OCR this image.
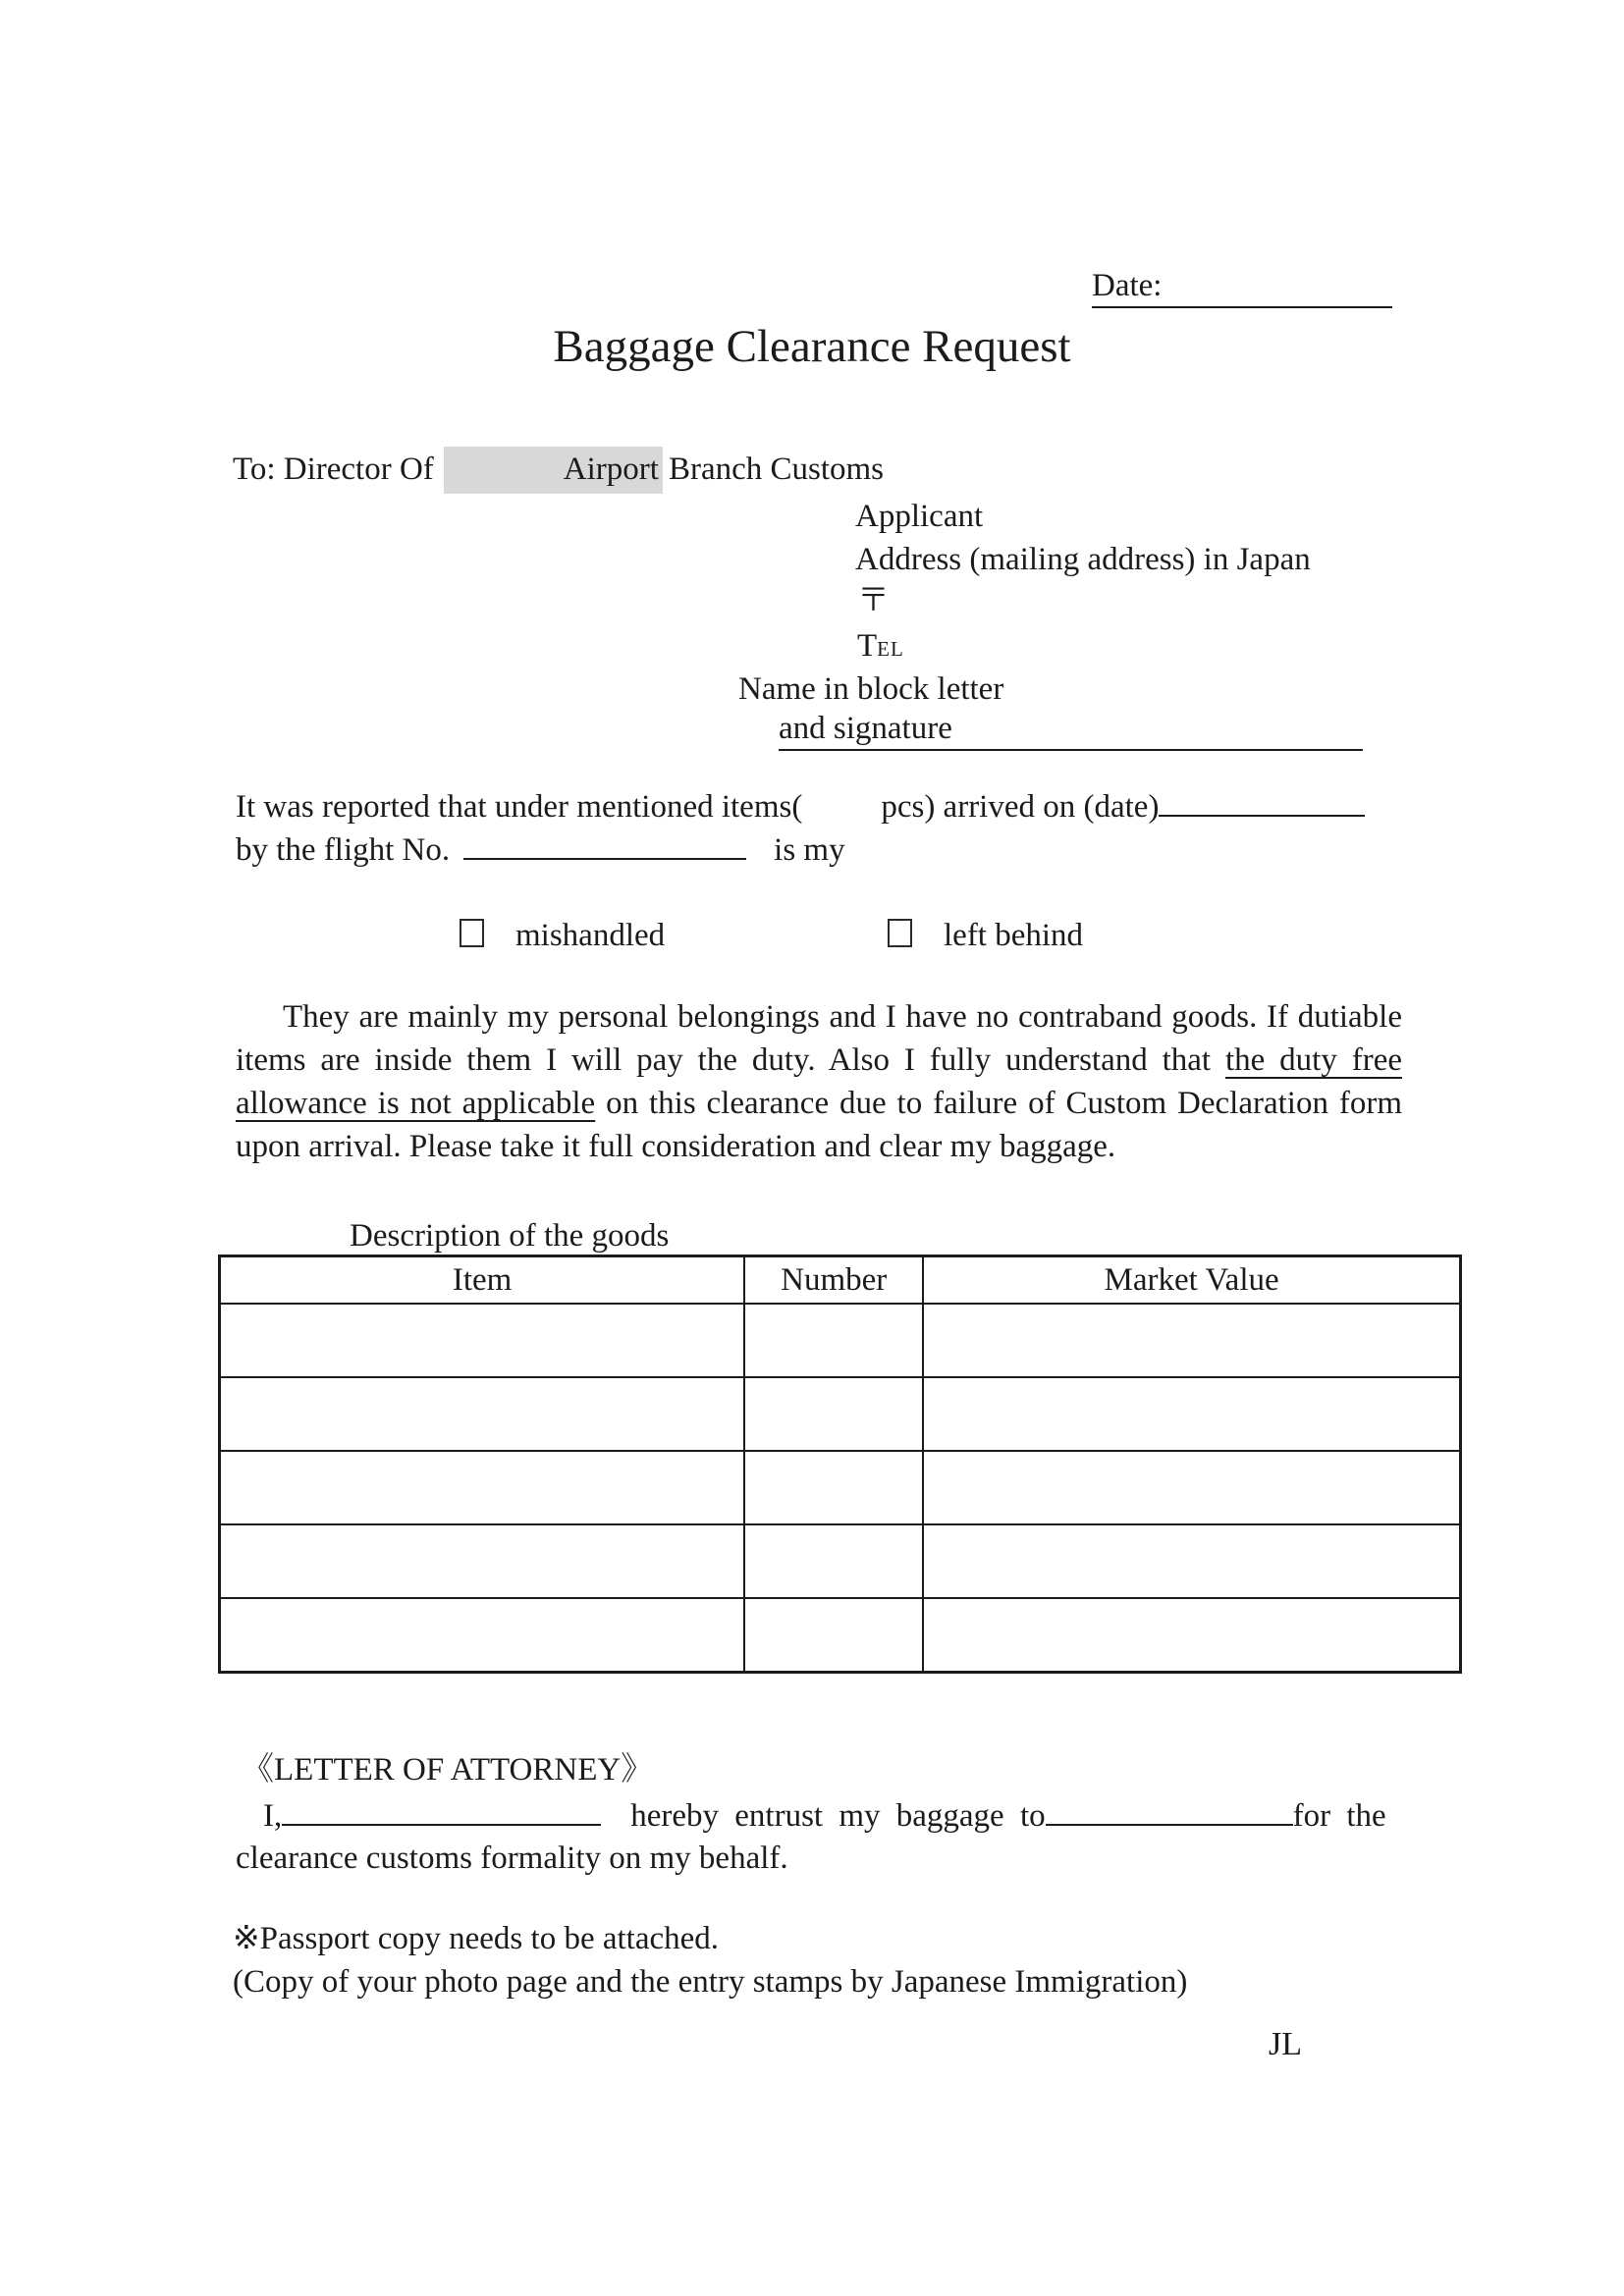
Date:
Baggage Clearance Request
To: Director Of	Airport Branch Customs
Applicant
Address (mailing address) in Japan
〒
TEL
Name in block letter
and signature
It was reported that under mentioned items( pcs) arrived on (date)
by the flight No.	is my
mishandled	left behind
They are mainly my personal belongings and I have no contraband goods. If dutiable items are inside them I will pay the duty. Also I fully understand that the duty free allowance is not applicable on this clearance due to failure of Custom Declaration form upon arrival. Please take it full consideration and clear my baggage.
Description of the goods
Item	Number	Market Value

《LETTER OF ATTORNEY》
I,	hereby entrust my baggage to	for the
clearance customs formality on my behalf.
※Passport copy needs to be attached.
(Copy of your photo page and the entry stamps by Japanese Immigration)
JL
